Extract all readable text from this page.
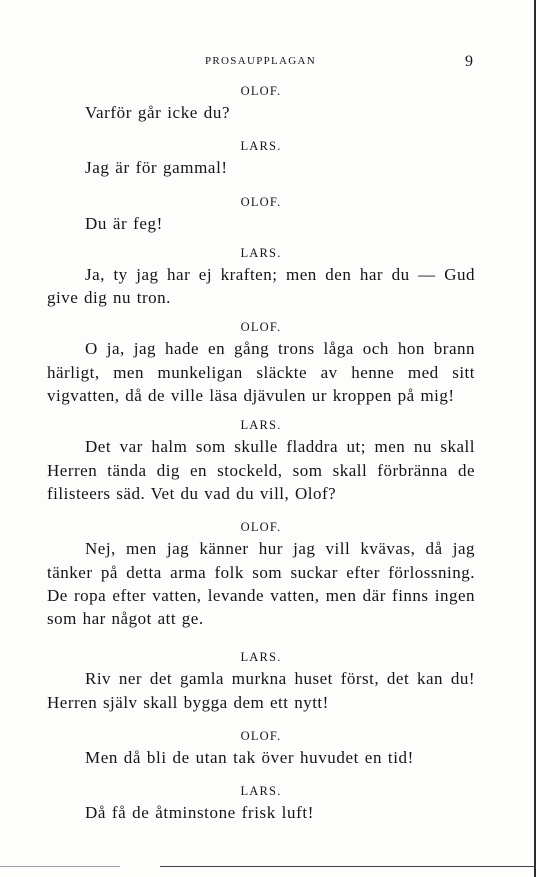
PROSAUPPLAGAN	9

OLOF.

Varför går icke du?

LARS.

Jag är för gammal!

OLOF.

Du är feg!

LARS.

Ja, ty jag har ej kraften; men den har du — Gud give dig nu tron.

OLOF.

O ja, jag hade en gång trons låga och hon brann härligt, men munkeligan släckte av henne med sitt vigvatten, då de ville läsa djävulen ur kroppen på mig!

LARS.

Det var halm som skulle fladdra ut; men nu skall Herren tända dig en stockeld, som skall förbränna de filisteers säd. Vet du vad du vill, Olof?

OLOF.

Nej, men jag känner hur jag vill kvävas, då jag tänker på detta arma folk som suckar efter förlossning. De ropa efter vatten, levande vatten, men där finns ingen som har något att ge.

LARS.

Riv ner det gamla murkna huset först, det kan du! Herren själv skall bygga dem ett nytt!

OLOF.

Men då bli de utan tak över huvudet en tid!

LARS.

Då få de åtminstone frisk luft!
